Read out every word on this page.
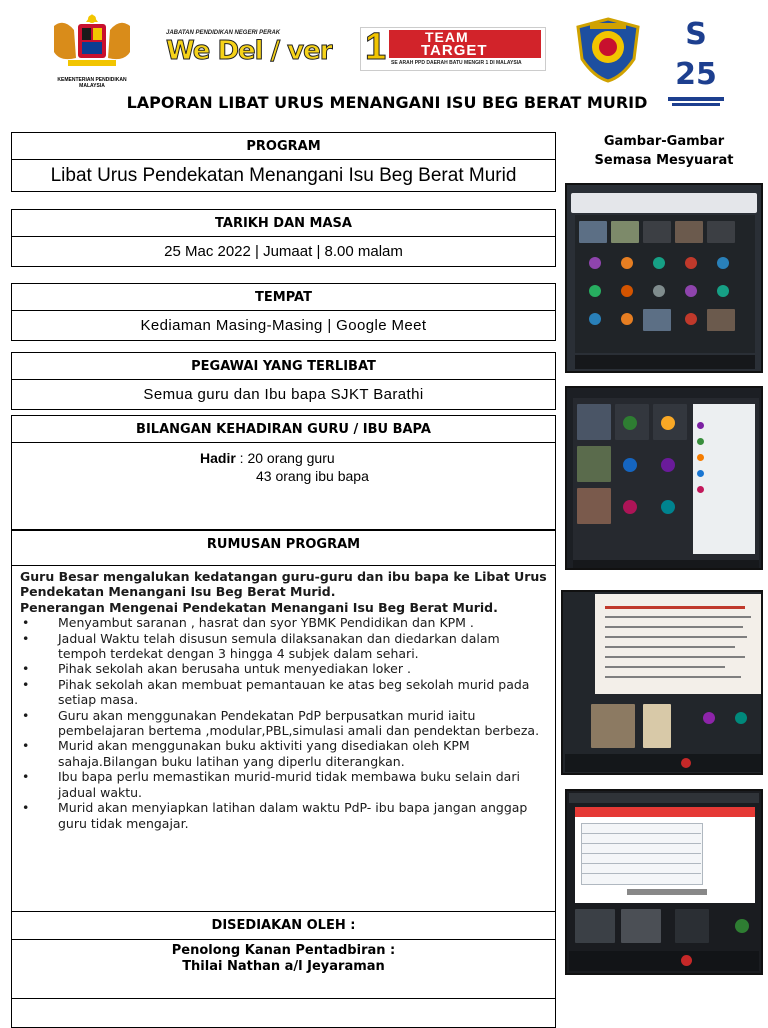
KEMENTERIAN PENDIDIKAN MALAYSIA
JABATAN PENDIDIKAN NEGERI PERAK
We Del / ver 1	TEAM
TARGET
SE ARAH PPD DAERAH BATU MENGIR 1 DI MALAYSIA
S 25
LAPORAN LIBAT URUS MENANGANI ISU BEG BERAT MURID
PROGRAM
Libat Urus Pendekatan Menangani Isu Beg Berat Murid
TARIKH DAN MASA
25 Mac 2022 | Jumaat | 8.00 malam
TEMPAT
Kediaman Masing-Masing | Google Meet
PEGAWAI YANG TERLIBAT
Semua guru dan Ibu bapa SJKT Barathi
BILANGAN KEHADIRAN GURU / IBU BAPA
Hadir : 20 orang guru
43 orang ibu bapa
RUMUSAN PROGRAM
Guru Besar mengalukan kedatangan guru-guru dan ibu bapa ke Libat Urus Pendekatan Menangani Isu Beg Berat Murid.
Penerangan Mengenai Pendekatan Menangani Isu Beg Berat Murid.
• Menyambut saranan , hasrat dan syor YBMK Pendidikan dan KPM .
• Jadual Waktu telah disusun semula dilaksanakan dan diedarkan dalam tempoh terdekat dengan 3 hingga 4 subjek dalam sehari.
• Pihak sekolah akan berusaha untuk menyediakan loker .
• Pihak sekolah akan membuat pemantauan ke atas beg sekolah murid pada setiap masa.
• Guru akan menggunakan Pendekatan PdP berpusatkan murid iaitu pembelajaran bertema ,modular,PBL,simulasi amali dan pendektan berbeza.
• Murid akan menggunakan buku aktiviti yang disediakan oleh KPM sahaja.Bilangan buku latihan yang diperlu diterangkan.
• Ibu bapa perlu memastikan murid-murid tidak membawa buku selain dari jadual waktu.
• Murid akan menyiapkan latihan dalam waktu PdP- ibu bapa jangan anggap guru tidak mengajar.
DISEDIAKAN OLEH :
Penolong Kanan Pentadbiran :
Thilai Nathan a/l Jeyaraman
Gambar-Gambar
Semasa Mesyuarat
